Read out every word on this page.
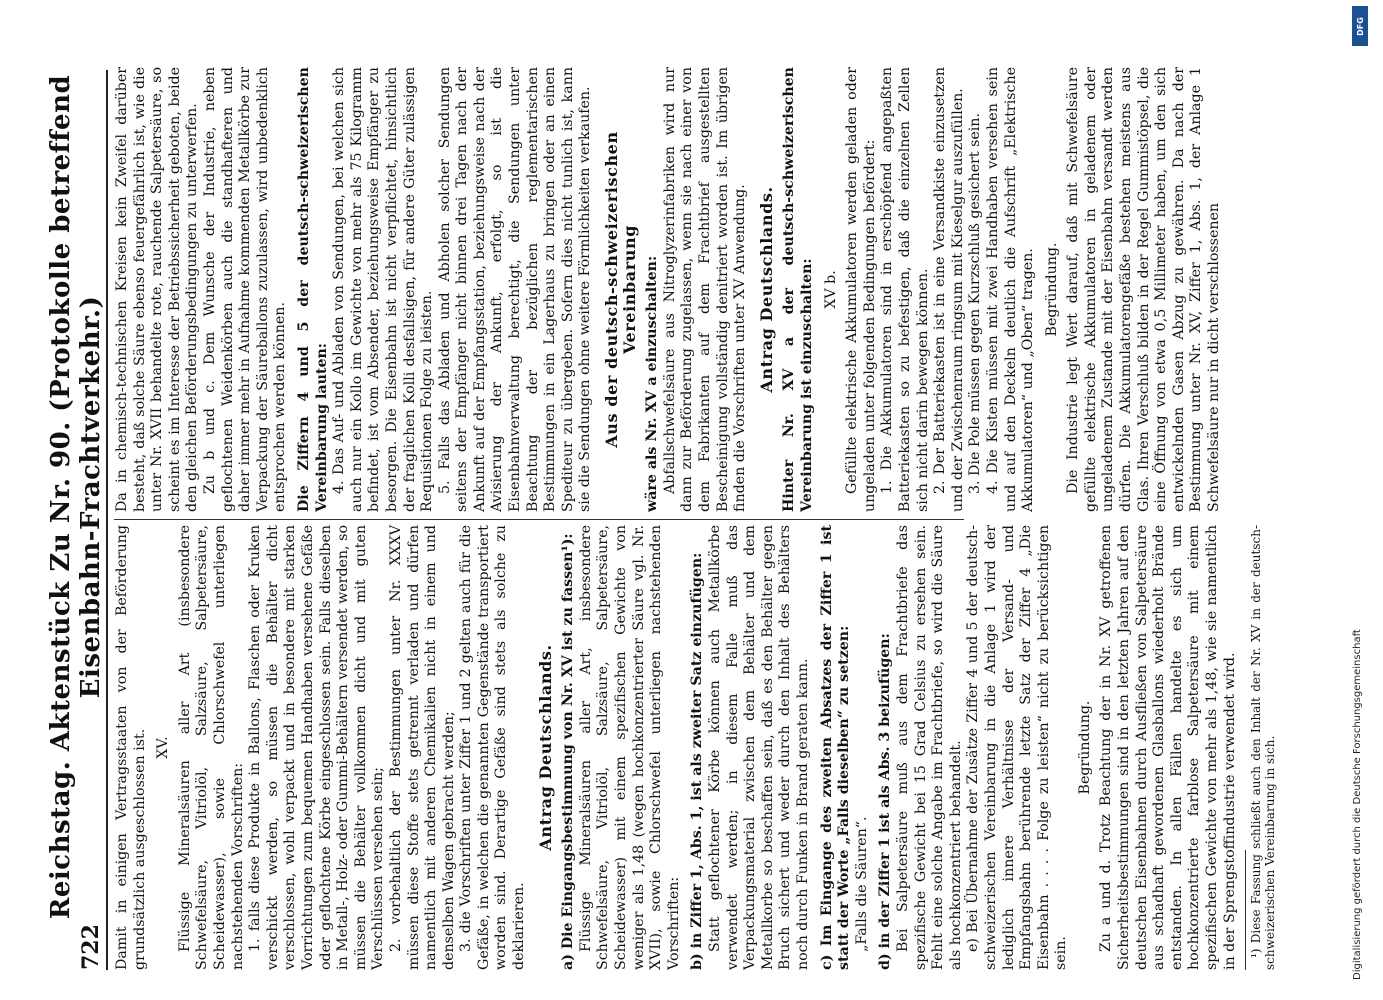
722
Reichstag. Aktenstück Zu Nr. 90. (Protokolle betreffend Eisenbahn-Frachtverkehr.)

Damit in einigen Vertragsstaaten von der Beförderung grundsätzlich ausgeschlossen ist. XV. Flüssige Mineralsäuren aller Art (insbesondere Schwefelsäure, Vitriolöl, Salzsäure, Salpetersäure, Scheidewasser), sowie Chlorschwefel unterliegen nachstehenden Vorschriften: 1. falls diese Produkte in Ballons, Flaschen oder Kruken verschickt werden, so müssen die Behälter dicht verschlossen, wohl verpackt und in besondere mit starken Vorrichtungen zum bequemen Handhaben versehene Gefäße oder geflochtene Körbe eingeschlossen sein. Falls dieselben in Metall-, Holz- oder Gummi-Behältern versendet werden, so müssen die Behälter vollkommen dicht und mit guten Verschlüssen versehen sein; 2. vorbehaltlich der Bestimmungen unter Nr. XXXV müssen diese Stoffe stets getrennt verladen und dürfen namentlich mit anderen Chemikalien nicht in einem und denselben Wagen gebracht werden; 3. die Vorschriften unter Ziffer 1 und 2 gelten auch für die Gefäße, in welchen die genannten Gegenstände transportiert worden sind. Derartige Gefäße sind stets als solche zu deklarieren.

Antrag Deutschlands. a) Die Eingangsbestimmung von Nr. XV ist zu fassen¹): Flüssige Mineralsäuren aller Art, insbesondere Schwefelsäure, Vitriolöl, Salzsäure, Salpetersäure, Scheidewasser) mit einem spezifischen Gewichte von weniger als 1,48 (wegen hochkonzentrierter Säure vgl. Nr. XVII), sowie Chlorschwefel unterliegen nachstehenden Vorschriften: b) in Ziffer 1, Abs. 1, ist als zweiter Satz einzufügen: Statt geflochtener Körbe können auch Metallkörbe verwendet werden; in diesem Falle muß das Verpackungsmaterial zwischen dem Behälter und dem Metallkorbe so beschaffen sein, daß es den Behälter gegen Bruch sichert und weder durch den Inhalt des Behälters noch durch Funken in Brand geraten kann. c) Im Eingange des zweiten Absatzes der Ziffer 1 ist statt der Worte „Falls dieselben“ zu setzen: „Falls die Säuren“. d) in der Ziffer 1 ist als Abs. 3 beizufügen: Bei Salpetersäure muß aus dem Frachtbriefe das spezifische Gewicht bei 15 Grad Celsius zu ersehen sein. Fehlt eine solche Angabe im Frachtbriefe, so wird die Säure als hochkonzentriert behandelt. e) Bei Übernahme der Zusätze Ziffer 4 und 5 der deutsch-schweizerischen Vereinbarung in die Anlage 1 wird der lediglich innere Verhältnisse der Versand- und Empfangsbahn berührende letzte Satz der Ziffer 4 „Die Eisenbahn . . . . Folge zu leisten“ nicht zu berücksichtigen sein.

Begründung. Zu a und d. Trotz Beachtung der in Nr. XV getroffenen Sicherheitsbestimmungen sind in den letzten Jahren auf den deutschen Eisenbahnen durch Ausfließen von Salpetersäure aus schadhaft gewordenen Glasballons wiederholt Brände entstanden. In allen Fällen handelte es sich um hochkonzentrierte farblose Salpetersäure mit einem spezifischen Gewichte von mehr als 1,48, wie sie namentlich in der Sprengstoffindustrie verwendet wird. ¹) Diese Fassung schließt auch den Inhalt der Nr. XV in der deutsch-schweizerischen Vereinbarung in sich.

Da in chemisch-technischen Kreisen kein Zweifel darüber besteht, daß solche Säure ebenso feuergefährlich ist, wie die unter Nr. XVII behandelte rote, rauchende Salpetersäure, so scheint es im Interesse der Betriebssicherheit geboten, beide den gleichen Beförderungsbedingungen zu unterwerfen. Zu b und c. Dem Wunsche der Industrie, neben geflochtenen Weidenkörben auch die standhafteren und daher immer mehr in Aufnahme kommenden Metallkörbe zur Verpackung der Säureballons zuzulassen, wird unbedenklich entsprochen werden können. Die Ziffern 4 und 5 der deutsch-schweizerischen Vereinbarung lauten: 4. Das Auf- und Abladen von Sendungen, bei welchen sich auch nur ein Kollo im Gewichte von mehr als 75 Kilogramm befindet, ist vom Absender, beziehungsweise Empfänger zu besorgen. Die Eisenbahn ist nicht verpflichtet, hinsichtlich der fraglichen Kolli desfallsigen, für andere Güter zulässigen Requisitionen Folge zu leisten. 5. Falls das Abladen und Abholen solcher Sendungen seitens der Empfänger nicht binnen drei Tagen nach der Ankunft auf der Empfangsstation, beziehungsweise nach der Avisierung der Ankunft, erfolgt, so ist die Eisenbahnverwaltung berechtigt, die Sendungen unter Beachtung der bezüglichen reglementarischen Bestimmungen in ein Lagerhaus zu bringen oder an einen Spediteur zu übergeben. Sofern dies nicht tunlich ist, kann sie die Sendungen ohne weitere Förmlichkeiten verkaufen. Aus der deutsch-schweizerischen Vereinbarung wäre als Nr. XV a einzuschalten: Abfallschwefelsäure aus Nitroglyzerinfabriken wird nur dann zur Beförderung zugelassen, wenn sie nach einer von dem Fabrikanten auf dem Frachtbrief ausgestellten Bescheinigung vollständig denitriert worden ist. Im übrigen finden die Vorschriften unter XV Anwendung. Antrag Deutschlands. Hinter Nr. XV a der deutsch-schweizerischen Vereinbarung ist einzuschalten: XV b. Gefüllte elektrische Akkumulatoren werden geladen oder ungeladen unter folgenden Bedingungen befördert: 1. Die Akkumulatoren sind in erschöpfend angepaßten Batteriekasten so zu befestigen, daß die einzelnen Zellen sich nicht darin bewegen können. 2. Der Batteriekasten ist in eine Versandkiste einzusetzen und der Zwischenraum ringsum mit Kieselgur auszufüllen. 3. Die Pole müssen gegen Kurzschluß gesichert sein. 4. Die Kisten müssen mit zwei Handhaben versehen sein und auf den Deckeln deutlich die Aufschrift „Elektrische Akkumulatoren“ und „Oben“ tragen. Begründung. Die Industrie legt Wert darauf, daß mit Schwefelsäure gefüllte elektrische Akkumulatoren in geladenem oder ungeladenem Zustande mit der Eisenbahn versandt werden dürfen. Die Akkumulatorengefäße bestehen meistens aus Glas. Ihren Verschluß bilden in der Regel Gummistöpsel, die eine Öffnung von etwa 0,5 Millimeter haben, um den sich entwickelnden Gasen Abzug zu gewähren. Da nach der Bestimmung unter Nr. XV, Ziffer 1, Abs. 1, der Anlage 1 Schwefelsäure nur in dicht verschlossenen

DFG
Digitalisierung gefördert durch die Deutsche Forschungsgemeinschaft
